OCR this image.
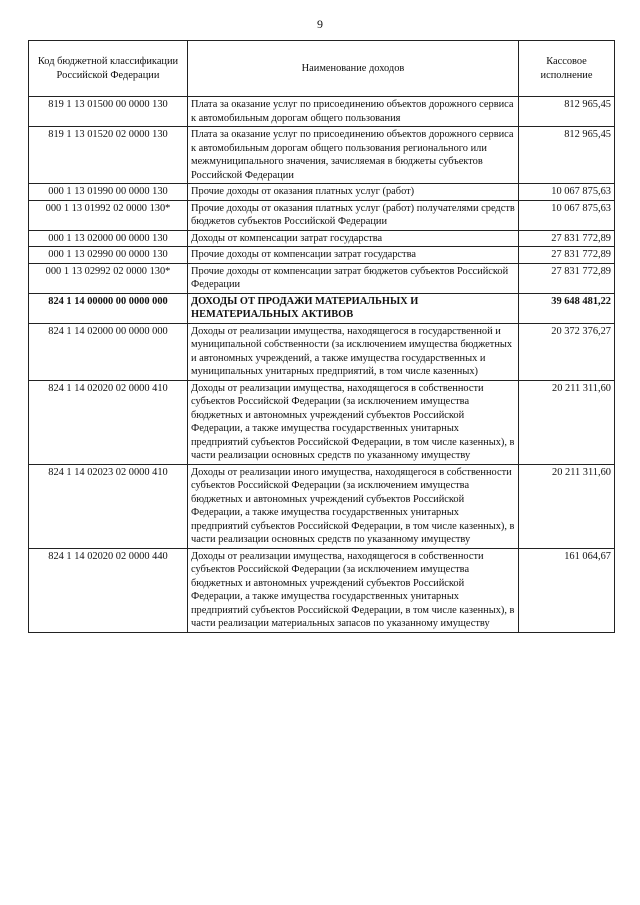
9
Код бюджетной классификации Российской Федерации	Наименование доходов	Кассовое исполнение
819 1 13 01500 00 0000 130	Плата за оказание услуг по присоединению объектов дорожного сервиса к автомобильным дорогам общего пользования	812 965,45
819 1 13 01520 02 0000 130	Плата за оказание услуг по присоединению объектов дорожного сервиса к автомобильным дорогам общего пользования регионального или межмуниципального значения, зачисляемая в бюджеты субъектов Российской Федерации	812 965,45
000 1 13 01990 00 0000 130	Прочие доходы от оказания платных услуг (работ)	10 067 875,63
000 1 13 01992 02 0000 130*	Прочие доходы от оказания платных услуг (работ) получателями средств бюджетов субъектов Российской Федерации	10 067 875,63
000 1 13 02000 00 0000 130	Доходы от компенсации затрат государства	27 831 772,89
000 1 13 02990 00 0000 130	Прочие доходы от компенсации затрат государства	27 831 772,89
000 1 13 02992 02 0000 130*	Прочие доходы от компенсации затрат бюджетов субъектов Российской Федерации	27 831 772,89
824 1 14 00000 00 0000 000	ДОХОДЫ ОТ ПРОДАЖИ МАТЕРИАЛЬНЫХ И НЕМАТЕРИАЛЬНЫХ АКТИВОВ	39 648 481,22
824 1 14 02000 00 0000 000	Доходы от реализации имущества, находящегося в государственной и муниципальной собственности (за исключением имущества бюджетных и автономных учреждений, а также имущества государственных и муниципальных унитарных предприятий, в том числе казенных)	20 372 376,27
824 1 14 02020 02 0000 410	Доходы от реализации имущества, находящегося в собственности субъектов Российской Федерации (за исключением имущества бюджетных и автономных учреждений субъектов Российской Федерации, а также имущества государственных унитарных предприятий субъектов Российской Федерации, в том числе казенных), в части реализации основных средств по указанному имуществу	20 211 311,60
824 1 14 02023 02 0000 410	Доходы от реализации иного имущества, находящегося в собственности субъектов Российской Федерации (за исключением имущества бюджетных и автономных учреждений субъектов Российской Федерации, а также имущества государственных унитарных предприятий субъектов Российской Федерации, в том числе казенных), в части реализации основных средств по указанному имуществу	20 211 311,60
824 1 14 02020 02 0000 440	Доходы от реализации имущества, находящегося в собственности субъектов Российской Федерации (за исключением имущества бюджетных и автономных учреждений субъектов Российской Федерации, а также имущества государственных унитарных предприятий субъектов Российской Федерации, в том числе казенных), в части реализации материальных запасов по указанному имуществу	161 064,67
